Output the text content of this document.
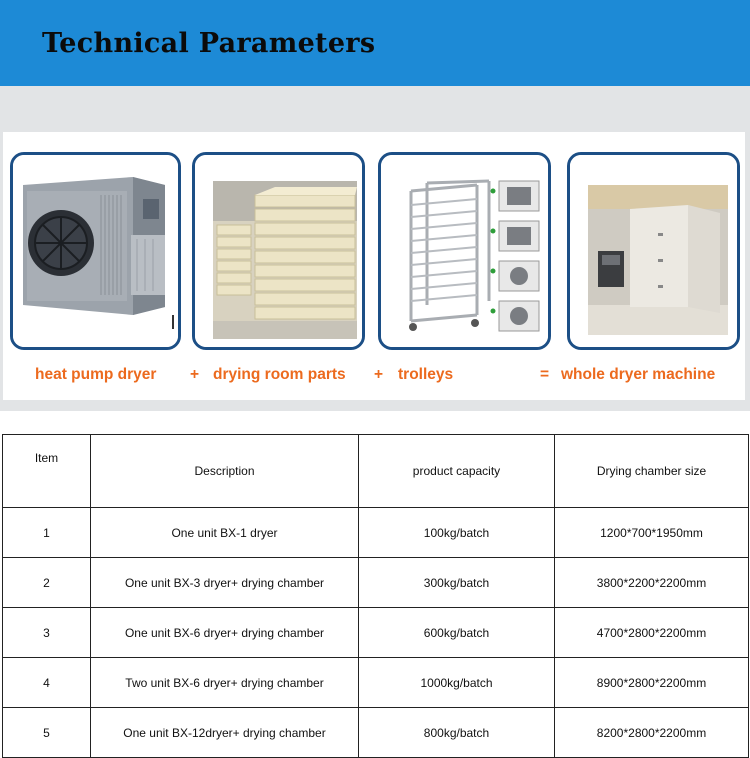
Technical Parameters
heat pump dryer + drying room parts + trolleys	= whole dryer machine
Item	Description	product capacity	Drying chamber size
1	One unit BX-1 dryer	100kg/batch	1200*700*1950mm
2	One unit BX-3 dryer+ drying chamber	300kg/batch	3800*2200*2200mm
3	One unit BX-6 dryer+ drying chamber	600kg/batch	4700*2800*2200mm
4	Two unit BX-6 dryer+ drying chamber	1000kg/batch	8900*2800*2200mm
5	One unit BX-12dryer+ drying chamber	800kg/batch	8200*2800*2200mm
